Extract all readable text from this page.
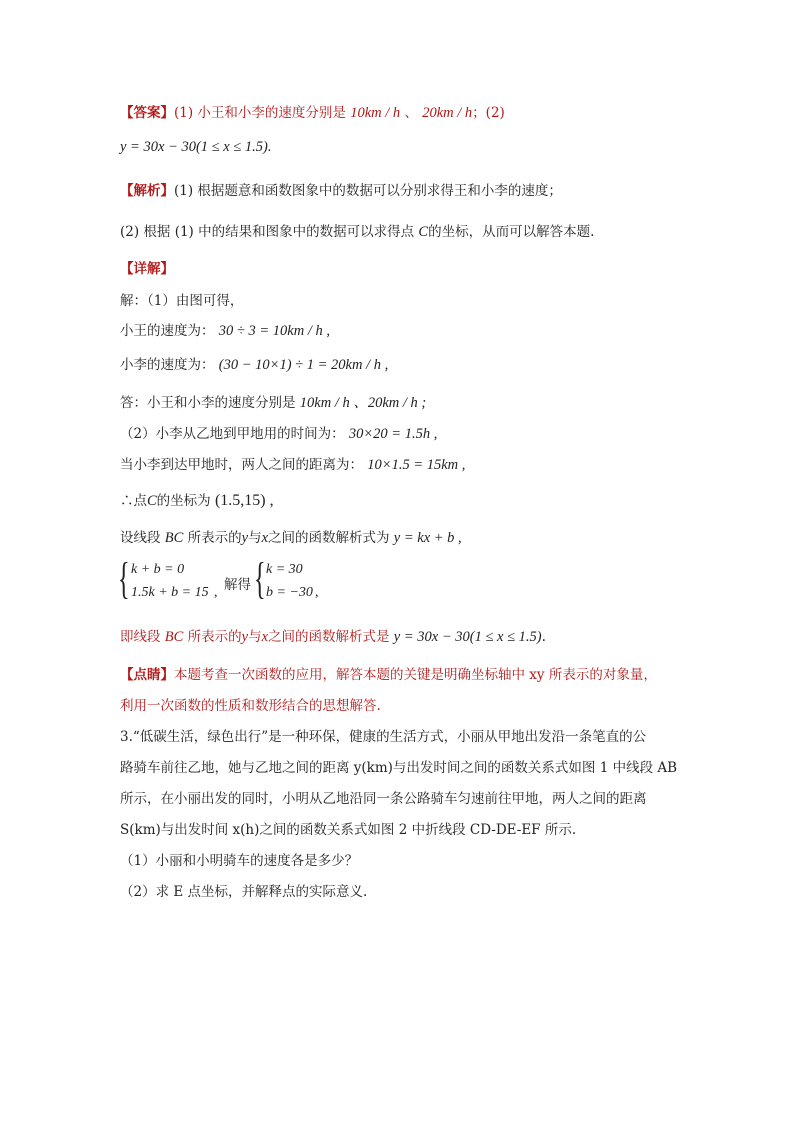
【答案】(1) 小王和小李的速度分别是 10km / h 、 20km / h；(2)
y = 30x − 30(1 ≤ x ≤ 1.5).
【解析】(1) 根据题意和函数图象中的数据可以分别求得王和小李的速度；
(2) 根据 (1) 中的结果和图象中的数据可以求得点 C的坐标，从而可以解答本题.
【详解】
解：（1）由图可得，
小王的速度为： 30 ÷ 3 = 10km / h ,
小李的速度为： (30 − 10×1) ÷ 1 = 20km / h ,
答：小王和小李的速度分别是 10km / h 、20km / h ;
（2）小李从乙地到甲地用的时间为： 30×20 = 1.5h ,
当小李到达甲地时，两人之间的距离为： 10×1.5 = 15km ,
∴点C的坐标为 (1.5,15) ,
设线段 BC 所表示的y与x之间的函数解析式为 y = kx + b ,
{ k + b = 0
1.5k + b = 15 , 解得 { k = 30
b = −30 ,
即线段 BC 所表示的y与x之间的函数解析式是 y = 30x − 30(1 ≤ x ≤ 1.5).
【点睛】本题考查一次函数的应用，解答本题的关键是明确坐标轴中 xy 所表示的对象量，
利用一次函数的性质和数形结合的思想解答.
3.“低碳生活，绿色出行”是一种环保，健康的生活方式，小丽从甲地出发沿一条笔直的公
路骑车前往乙地，她与乙地之间的距离 y(km)与出发时间之间的函数关系式如图 1 中线段 AB
所示，在小丽出发的同时，小明从乙地沿同一条公路骑车匀速前往甲地，两人之间的距离
S(km)与出发时间 x(h)之间的函数关系式如图 2 中折线段 CD-DE-EF 所示.
（1）小丽和小明骑车的速度各是多少？
（2）求 E 点坐标，并解释点的实际意义.
